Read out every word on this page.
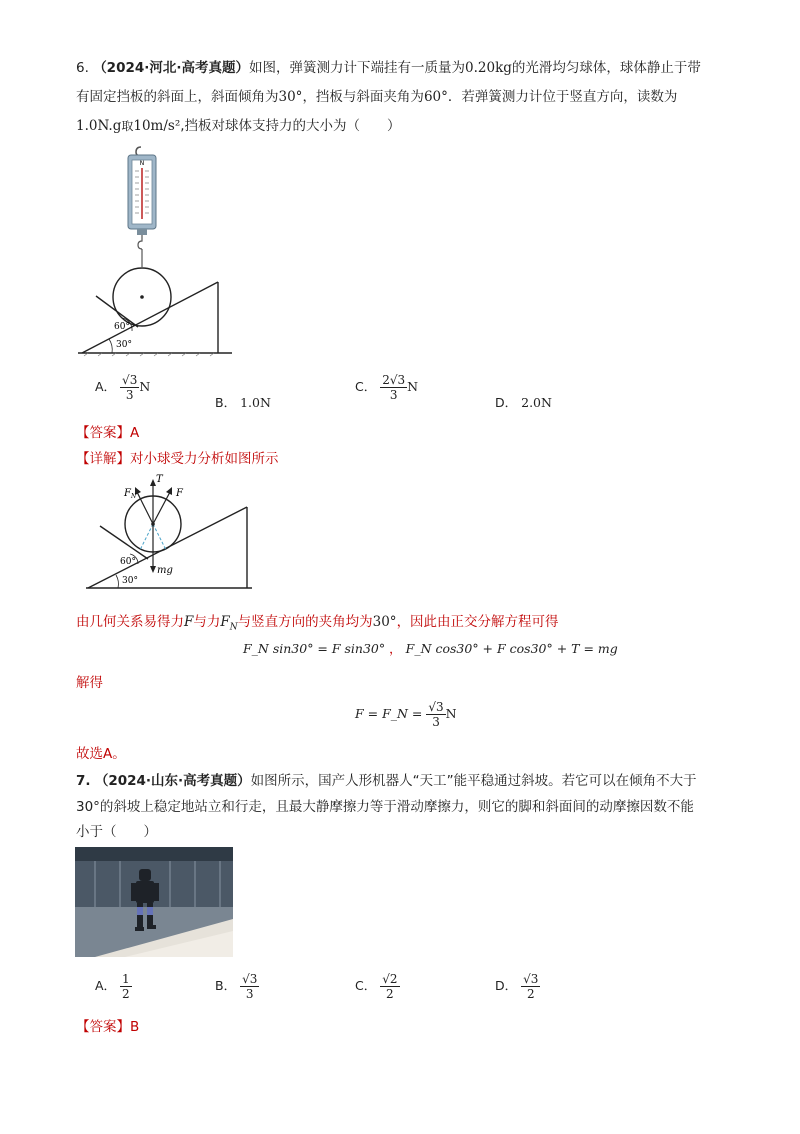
6. （2024·河北·高考真题）如图，弹簧测力计下端挂有一质量为0.20kg的光滑均匀球体，球体静止于带
有固定挡板的斜面上，斜面倾角为30°，挡板与斜面夹角为60°．若弹簧测力计位于竖直方向，读数为
1.0N.g取10m/s²,挡板对球体支持力的大小为（　　）
N
60°
30°
A． $\frac{√3}{3}$ N
B． 1.0N
C． $\frac{2√3}{3}$ N
D． 2.0N
【答案】A
【详解】对小球受力分析如图所示
$F_N$
T
F
mg
60°
30°
由几何关系易得力F与力$F_N$与竖直方向的夹角均为30°，因此由正交分解方程可得
F_N sin30° = F sin30° ， F_N cos30° + F cos30° + T = mg
解得
F = F_N = $\frac{√3}{3}$ N
故选A。
7. （2024·山东·高考真题）如图所示，国产人形机器人“天工”能平稳通过斜坡。若它可以在倾角不大于
30°的斜坡上稳定地站立和行走，且最大静摩擦力等于滑动摩擦力，则它的脚和斜面间的动摩擦因数不能
小于（　　）
A． $\frac{1}{2}$	B． $\frac{√3}{3}$	C． $\frac{√2}{2}$	D． $\frac{√3}{2}$
【答案】B
